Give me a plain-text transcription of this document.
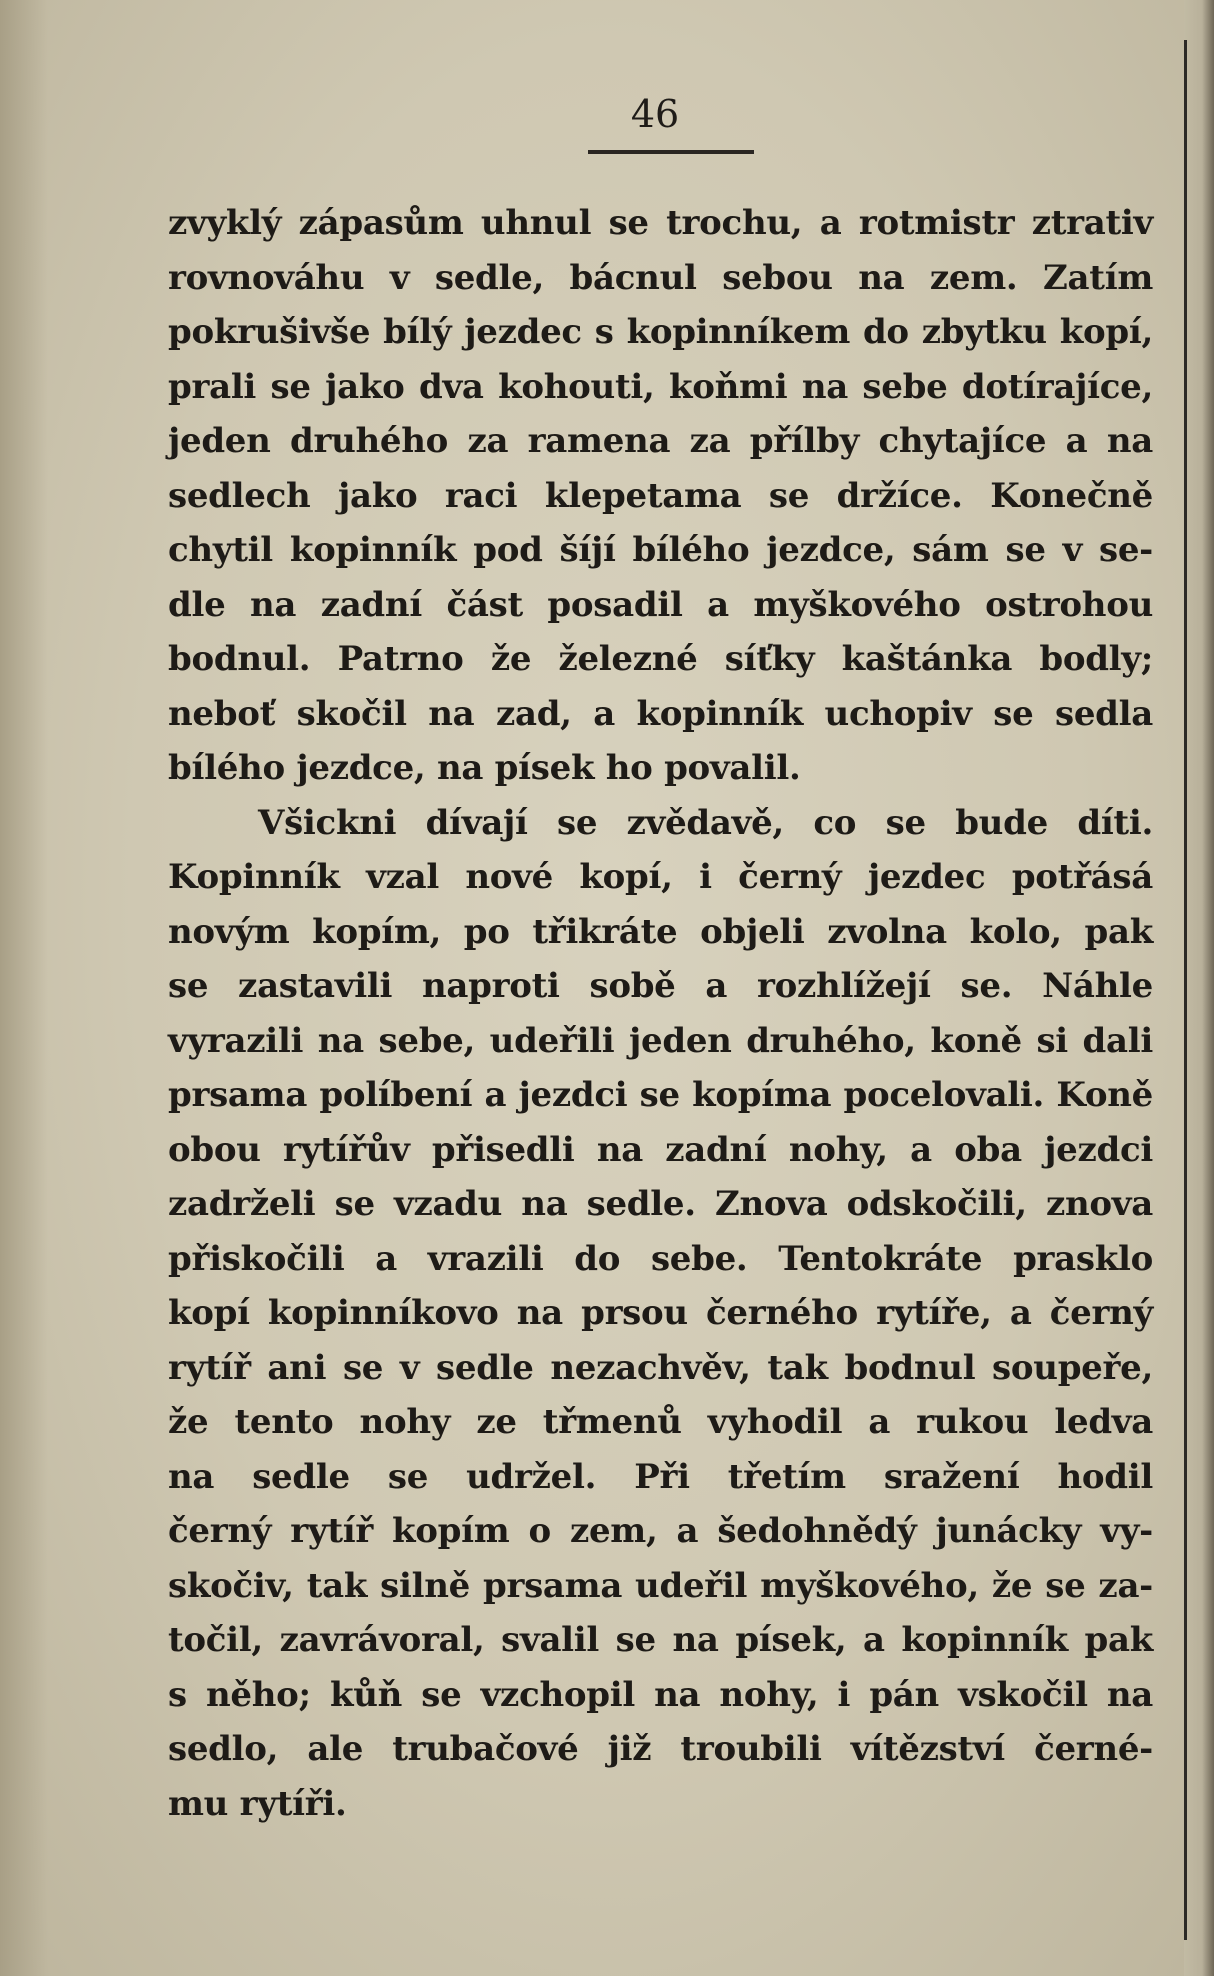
46
zvyklý zápasům uhnul se trochu, a rotmistr ztrativ
rovnováhu v sedle, bácnul sebou na zem. Zatím
pokrušivše bílý jezdec s kopinníkem do zbytku kopí,
prali se jako dva kohouti, koňmi na sebe dotírajíce,
jeden druhého za ramena za přílby chytajíce a na
sedlech jako raci klepetama se držíce. Konečně
chytil kopinník pod šíjí bílého jezdce, sám se v se-
dle na zadní část posadil a myškového ostrohou
bodnul. Patrno že železné síťky kaštánka bodly;
neboť skočil na zad, a kopinník uchopiv se sedla
bílého jezdce, na písek ho povalil.
Všickni dívají se zvědavě, co se bude díti.
Kopinník vzal nové kopí, i černý jezdec potřásá
novým kopím, po třikráte objeli zvolna kolo, pak
se zastavili naproti sobě a rozhlížejí se. Náhle
vyrazili na sebe, udeřili jeden druhého, koně si dali
prsama políbení a jezdci se kopíma pocelovali. Koně
obou rytířův přisedli na zadní nohy, a oba jezdci
zadrželi se vzadu na sedle. Znova odskočili, znova
přiskočili a vrazili do sebe. Tentokráte prasklo
kopí kopinníkovo na prsou černého rytíře, a černý
rytíř ani se v sedle nezachvěv, tak bodnul soupeře,
že tento nohy ze třmenů vyhodil a rukou ledva
na sedle se udržel. Při třetím sražení hodil
černý rytíř kopím o zem, a šedohnědý junácky vy-
skočiv, tak silně prsama udeřil myškového, že se za-
točil, zavrávoral, svalil se na písek, a kopinník pak
s něho; kůň se vzchopil na nohy, i pán vskočil na
sedlo, ale trubačové již troubili vítězství černé-
mu rytíři.
